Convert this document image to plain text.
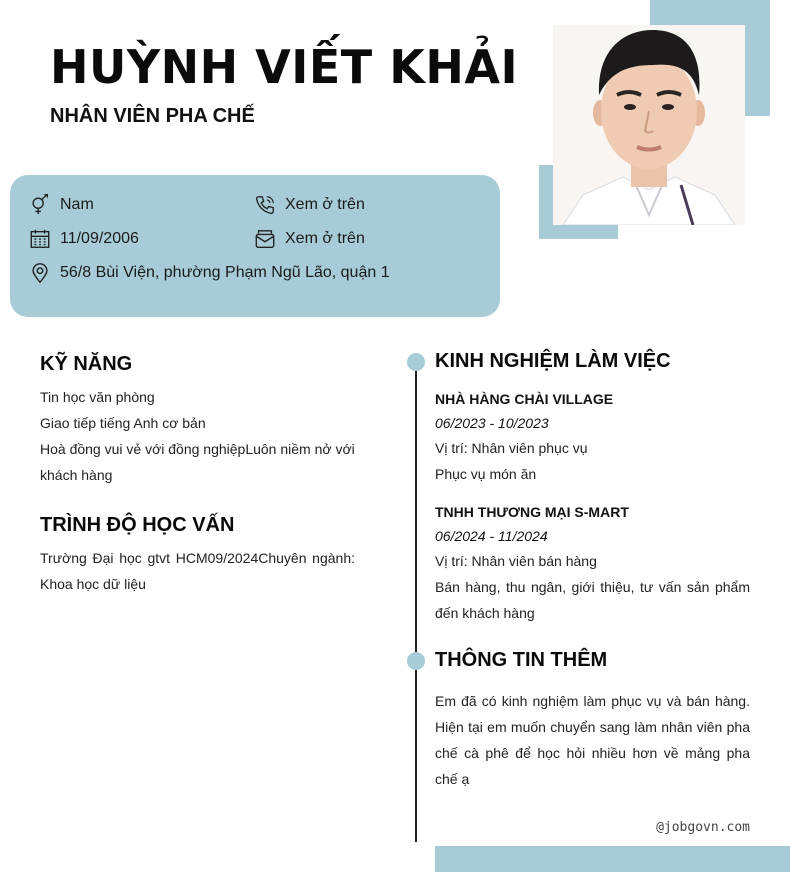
HUỲNH VIẾT KHẢI
NHÂN VIÊN PHA CHẾ
Nam	Xem ở trên
11/09/2006	Xem ở trên
56/8 Bùi Viện, phường Phạm Ngũ Lão, quận 1
KỸ NĂNG
Tin học văn phòng
Giao tiếp tiếng Anh cơ bản
Hoà đồng vui vẻ với đồng nghiệpLuôn niềm nở với khách hàng
TRÌNH ĐỘ HỌC VẤN
Trường Đại học gtvt HCM09/2024Chuyên ngành: Khoa học dữ liệu
KINH NGHIỆM LÀM VIỆC
NHÀ HÀNG CHÀI VILLAGE
06/2023 - 10/2023
Vị trí: Nhân viên phục vụ
Phục vụ món ăn
TNHH THƯƠNG MẠI S-MART
06/2024 - 11/2024
Vị trí: Nhân viên bán hàng
Bán hàng, thu ngân, giới thiệu, tư vấn sản phẩm đến khách hàng
THÔNG TIN THÊM
Em đã có kinh nghiệm làm phục vụ và bán hàng. Hiện tại em muốn chuyển sang làm nhân viên pha chế cà phê để học hỏi nhiều hơn về mảng pha chế ạ
@jobgovn.com
